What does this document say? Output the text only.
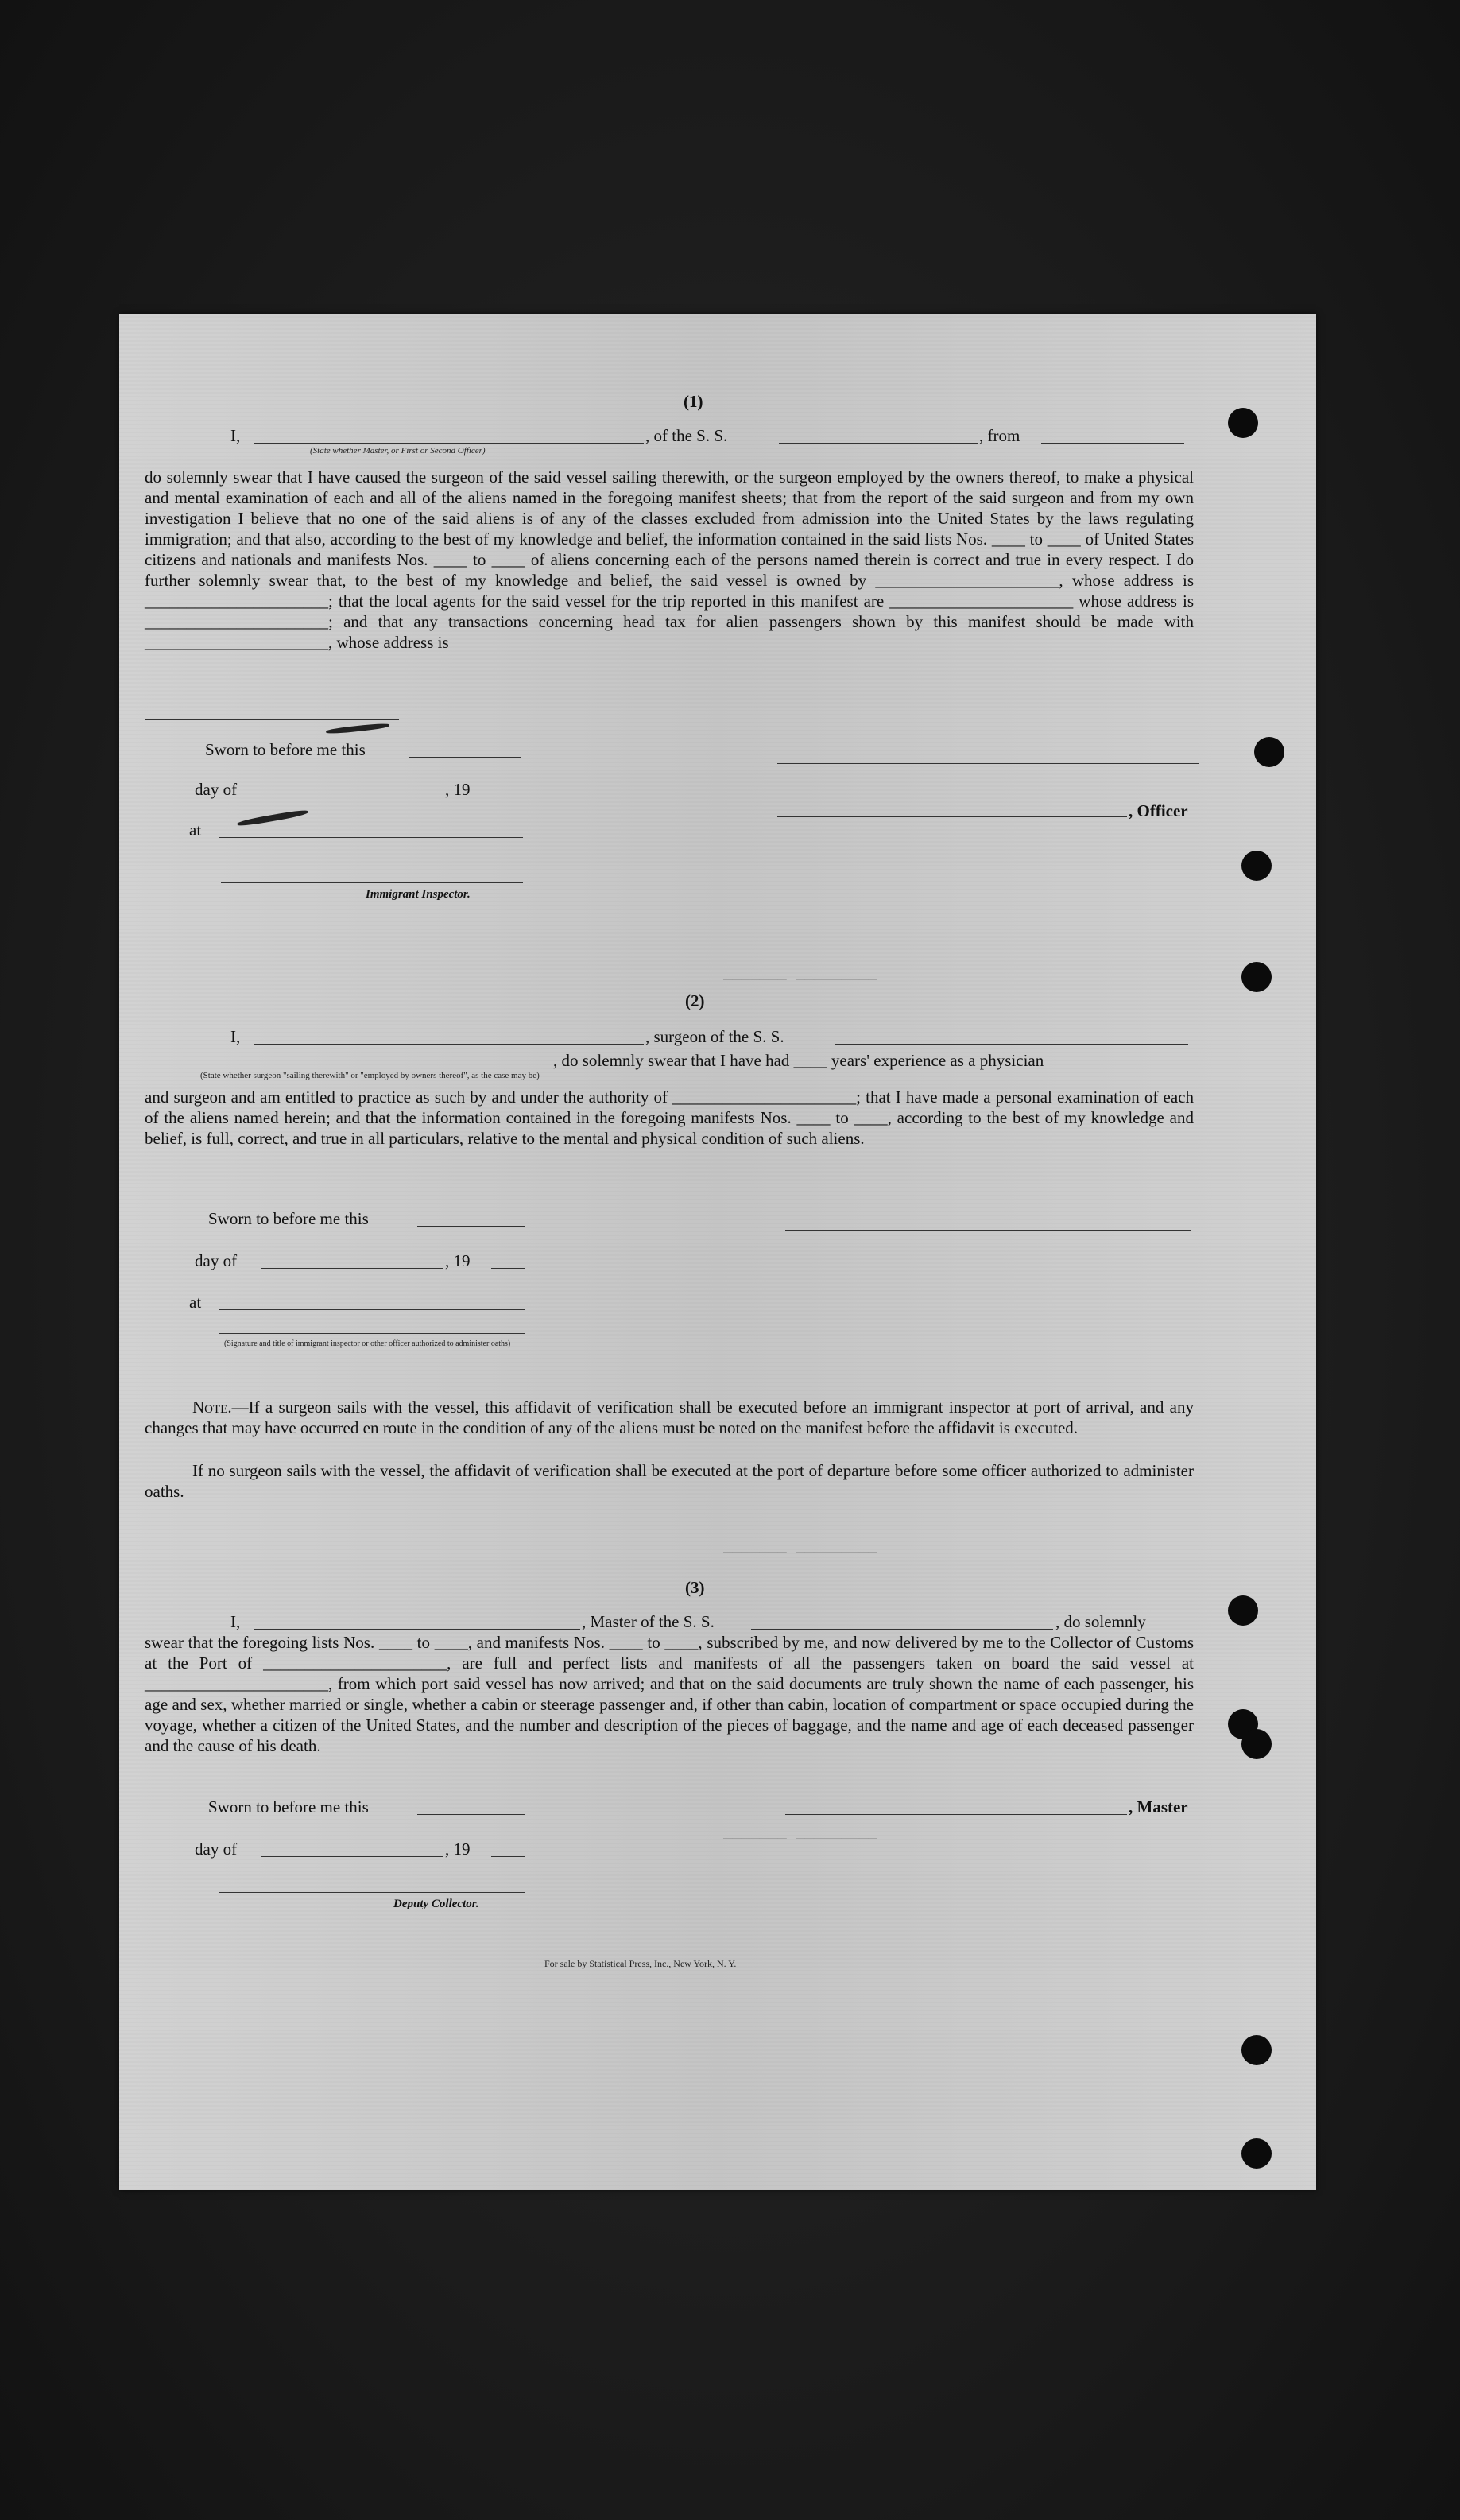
_________________ ________ _______
_______ _________
_______ _________
_______ _________
_______ _________
(1)
I,	, of the S. S.	, from
(State whether Master, or First or Second Officer)
do solemnly swear that I have caused the surgeon of the said vessel sailing therewith, or the surgeon employed by the owners thereof, to make a physical and mental examination of each and all of the aliens named in the foregoing manifest sheets; that from the report of the said surgeon and from my own investigation I believe that no one of the said aliens is of any of the classes excluded from admission into the United States by the laws regulating immigration; and that also, according to the best of my knowledge and belief, the information contained in the said lists Nos. ____ to ____ of United States citizens and nationals and manifests Nos. ____ to ____ of aliens concerning each of the persons named therein is correct and true in every respect. I do further solemnly swear that, to the best of my knowledge and belief, the said vessel is owned by ______________________, whose address is ______________________; that the local agents for the said vessel for the trip reported in this manifest are ______________________ whose address is ______________________; and that any transactions concerning head tax for alien passengers shown by this manifest should be made with ______________________, whose address is
Sworn to before me this
day of	, 19
at
Immigrant Inspector.
, Officer
(2)
I,	, surgeon of the S. S.
, do solemnly swear that I have had ____ years' experience as a physician
(State whether surgeon "sailing therewith" or "employed by owners thereof", as the case may be)
and surgeon and am entitled to practice as such by and under the authority of ______________________; that I have made a personal examination of each of the aliens named herein; and that the information contained in the foregoing manifests Nos. ____ to ____, according to the best of my knowledge and belief, is full, correct, and true in all particulars, relative to the mental and physical condition of such aliens.
Sworn to before me this
day of	, 19
at
(Signature and title of immigrant inspector or other officer authorized to administer oaths)
Note.—If a surgeon sails with the vessel, this affidavit of verification shall be executed before an immigrant inspector at port of arrival, and any changes that may have occurred en route in the condition of any of the aliens must be noted on the manifest before the affidavit is executed.
If no surgeon sails with the vessel, the affidavit of verification shall be executed at the port of departure before some officer authorized to administer oaths.
(3)
I,	, Master of the S. S.	, do solemnly
swear that the foregoing lists Nos. ____ to ____, and manifests Nos. ____ to ____, subscribed by me, and now delivered by me to the Collector of Customs at the Port of ______________________, are full and perfect lists and manifests of all the passengers taken on board the said vessel at ______________________, from which port said vessel has now arrived; and that on the said documents are truly shown the name of each passenger, his age and sex, whether married or single, whether a cabin or steerage passenger and, if other than cabin, location of compartment or space occupied during the voyage, whether a citizen of the United States, and the number and description of the pieces of baggage, and the name and age of each deceased passenger and the cause of his death.
Sworn to before me this	, Master
day of	, 19
Deputy Collector.
For sale by Statistical Press, Inc., New York, N. Y.
